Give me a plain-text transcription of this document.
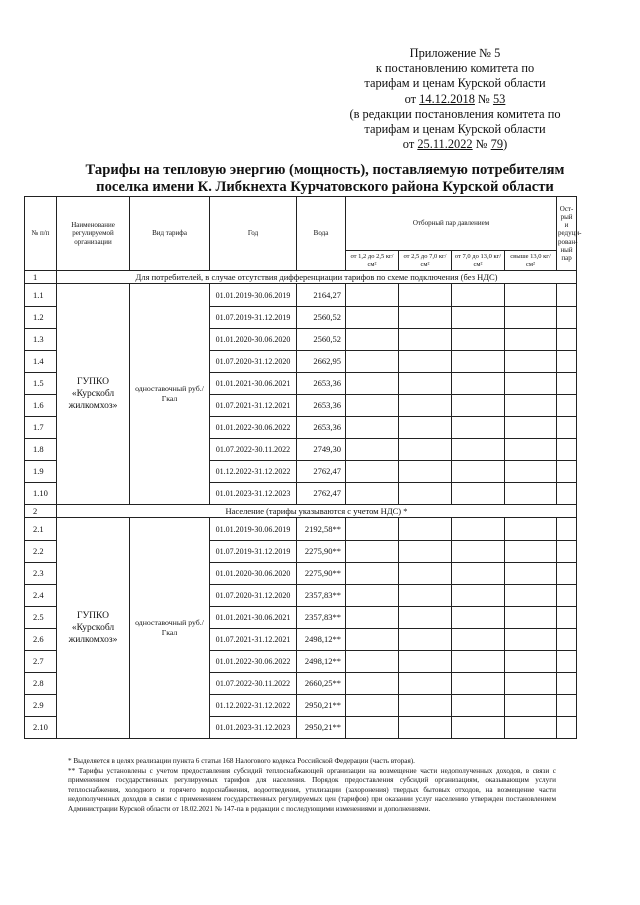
Приложение № 5
к постановлению комитета по
тарифам и ценам Курской области
от 14.12.2018 № 53
(в редакции постановления комитета по
тарифам и ценам Курской области
от 25.11.2022 № 79)
Тарифы на тепловую энергию (мощность), поставляемую потребителям
поселка имени К. Либкнехта Курчатовского района Курской области
№ п/п	Наименование регулируемой организации	Вид тарифа	Год	Вода	Отборный пар давлением				Ост-рый и редуци-рован-ный пар
					от 1,2 до 2,5 кг/см²	от 2,5 до 7,0 кг/см²	от 7,0 до 13,0 кг/см²	свыше 13,0 кг/см²	
1	Для потребителей, в случае отсутствия дифференциации тарифов по схеме подключения (без НДС)								
1.1	ГУПКО «Курскобл жилкомхоз»	одноставочный руб./Гкал	01.01.2019-30.06.2019	2164,27					
1.2			01.07.2019-31.12.2019	2560,52					
1.3			01.01.2020-30.06.2020	2560,52					
1.4			01.07.2020-31.12.2020	2662,95					
1.5			01.01.2021-30.06.2021	2653,36					
1.6			01.07.2021-31.12.2021	2653,36					
1.7			01.01.2022-30.06.2022	2653,36					
1.8			01.07.2022-30.11.2022	2749,30					
1.9			01.12.2022-31.12.2022	2762,47					
1.10			01.01.2023-31.12.2023	2762,47					
2	Население (тарифы указываются с учетом НДС) *								
2.1	ГУПКО «Курскобл жилкомхоз»	одноставочный руб./Гкал	01.01.2019-30.06.2019	2192,58**					
2.2			01.07.2019-31.12.2019	2275,90**					
2.3			01.01.2020-30.06.2020	2275,90**					
2.4			01.07.2020-31.12.2020	2357,83**					
2.5			01.01.2021-30.06.2021	2357,83**					
2.6			01.07.2021-31.12.2021	2498,12**					
2.7			01.01.2022-30.06.2022	2498,12**					
2.8			01.07.2022-30.11.2022	2660,25**					
2.9			01.12.2022-31.12.2022	2950,21**					
2.10			01.01.2023-31.12.2023	2950,21**					

* Выделяется в целях реализации пункта 6 статьи 168 Налогового кодекса Российской Федерации (часть вторая).

** Тарифы установлены с учетом предоставления субсидий теплоснабжающей организации на возмещение части недополученных доходов, в связи с применением государственных регулируемых тарифов для населения. Порядок предоставления субсидий организациям, оказывающим услуги теплоснабжения, холодного и горячего водоснабжения, водоотведения, утилизации (захоронения) твердых бытовых отходов, на возмещение части недополученных доходов в связи с применением государственных регулируемых цен (тарифов) при оказании услуг населению утвержден постановлением Администрации Курской области от 18.02.2021 № 147-па в редакции с последующими изменениями и дополнениями.
